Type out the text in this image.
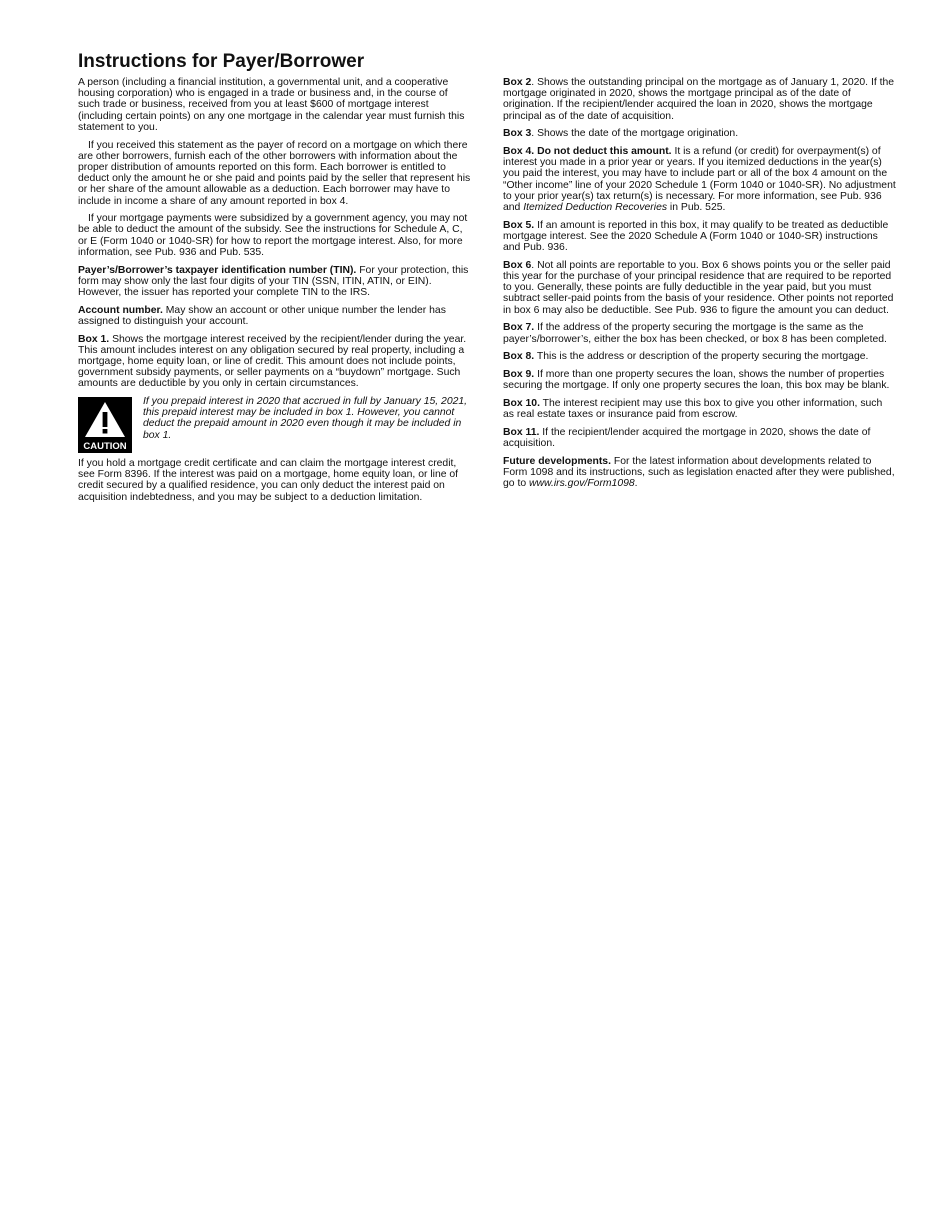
Instructions for Payer/Borrower

A person (including a financial institution, a governmental unit, and a cooperative housing corporation) who is engaged in a trade or business and, in the course of such trade or business, received from you at least $600 of mortgage interest (including certain points) on any one mortgage in the calendar year must furnish this statement to you.

If you received this statement as the payer of record on a mortgage on which there are other borrowers, furnish each of the other borrowers with information about the proper distribution of amounts reported on this form. Each borrower is entitled to deduct only the amount he or she paid and points paid by the seller that represent his or her share of the amount allowable as a deduction. Each borrower may have to include in income a share of any amount reported in box 4.

If your mortgage payments were subsidized by a government agency, you may not be able to deduct the amount of the subsidy. See the instructions for Schedule A, C, or E (Form 1040 or 1040-SR) for how to report the mortgage interest. Also, for more information, see Pub. 936 and Pub. 535.

Payer’s/Borrower’s taxpayer identification number (TIN). For your protection, this form may show only the last four digits of your TIN (SSN, ITIN, ATIN, or EIN). However, the issuer has reported your complete TIN to the IRS.

Account number. May show an account or other unique number the lender has assigned to distinguish your account.

Box 1. Shows the mortgage interest received by the recipient/lender during the year. This amount includes interest on any obligation secured by real property, including a mortgage, home equity loan, or line of credit. This amount does not include points, government subsidy payments, or seller payments on a “buydown” mortgage. Such amounts are deductible by you only in certain circumstances.

CAUTION
If you prepaid interest in 2020 that accrued in full by January 15, 2021, this prepaid interest may be included in box 1. However, you cannot deduct the prepaid amount in 2020 even though it may be included in box 1.

If you hold a mortgage credit certificate and can claim the mortgage interest credit, see Form 8396. If the interest was paid on a mortgage, home equity loan, or line of credit secured by a qualified residence, you can only deduct the interest paid on acquisition indebtedness, and you may be subject to a deduction limitation.

Box 2. Shows the outstanding principal on the mortgage as of January 1, 2020. If the mortgage originated in 2020, shows the mortgage principal as of the date of origination. If the recipient/lender acquired the loan in 2020, shows the mortgage principal as of the date of acquisition.

Box 3. Shows the date of the mortgage origination.

Box 4. Do not deduct this amount. It is a refund (or credit) for overpayment(s) of interest you made in a prior year or years. If you itemized deductions in the year(s) you paid the interest, you may have to include part or all of the box 4 amount on the “Other income” line of your 2020 Schedule 1 (Form 1040 or 1040-SR). No adjustment to your prior year(s) tax return(s) is necessary. For more information, see Pub. 936 and Itemized Deduction Recoveries in Pub. 525.

Box 5. If an amount is reported in this box, it may qualify to be treated as deductible mortgage interest. See the 2020 Schedule A (Form 1040 or 1040-SR) instructions and Pub. 936.

Box 6. Not all points are reportable to you. Box 6 shows points you or the seller paid this year for the purchase of your principal residence that are required to be reported to you. Generally, these points are fully deductible in the year paid, but you must subtract seller-paid points from the basis of your residence. Other points not reported in box 6 may also be deductible. See Pub. 936 to figure the amount you can deduct.

Box 7. If the address of the property securing the mortgage is the same as the payer’s/borrower’s, either the box has been checked, or box 8 has been completed.

Box 8. This is the address or description of the property securing the mortgage.

Box 9. If more than one property secures the loan, shows the number of properties securing the mortgage. If only one property secures the loan, this box may be blank.

Box 10. The interest recipient may use this box to give you other information, such as real estate taxes or insurance paid from escrow.

Box 11. If the recipient/lender acquired the mortgage in 2020, shows the date of acquisition.

Future developments. For the latest information about developments related to Form 1098 and its instructions, such as legislation enacted after they were published, go to www.irs.gov/Form1098.
